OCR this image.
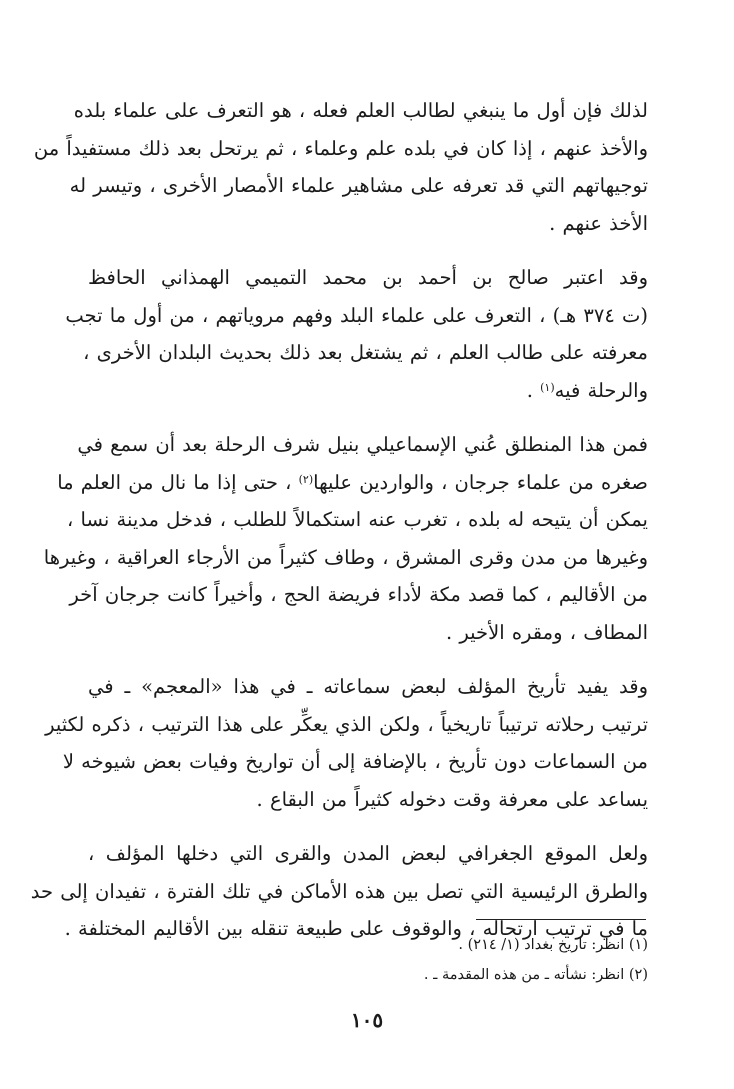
لذلك فإن أول ما ينبغي لطالب العلم فعله ، هو التعرف على علماء بلده
والأخذ عنهم ، إذا كان في بلده علم وعلماء ، ثم يرتحل بعد ذلك مستفيداً من
توجيهاتهم التي قد تعرفه على مشاهير علماء الأمصار الأخرى ، وتيسر له
الأخذ عنهم .

وقد اعتبر صالح بن أحمد بن محمد التميمي الهمذاني الحافظ
(ت ٣٧٤ هـ) ، التعرف على علماء البلد وفهم مروياتهم ، من أول ما تجب
معرفته على طالب العلم ، ثم يشتغل بعد ذلك بحديث البلدان الأخرى ،
والرحلة فيه$^{(١)}$ .

فمن هذا المنطلق عُني الإسماعيلي بنيل شرف الرحلة بعد أن سمع في
صغره من علماء جرجان ، والواردين عليها$^{(٢)}$ ، حتى إذا ما نال من العلم ما
يمكن أن يتيحه له بلده ، تغرب عنه استكمالاً للطلب ، فدخل مدينة نسا ،
وغيرها من مدن وقرى المشرق ، وطاف كثيراً من الأرجاء العراقية ، وغيرها
من الأقاليم ، كما قصد مكة لأداء فريضة الحج ، وأخيراً كانت جرجان آخر
المطاف ، ومقره الأخير .

وقد يفيد تأريخ المؤلف لبعض سماعاته ـ في هذا «المعجم» ـ في
ترتيب رحلاته ترتيباً تاريخياً ، ولكن الذي يعكِّر على هذا الترتيب ، ذكره لكثير
من السماعات دون تأريخ ، بالإضافة إلى أن تواريخ وفيات بعض شيوخه لا
يساعد على معرفة وقت دخوله كثيراً من البقاع .

ولعل الموقع الجغرافي لبعض المدن والقرى التي دخلها المؤلف ،
والطرق الرئيسية التي تصل بين هذه الأماكن في تلك الفترة ، تفيدان إلى حد
ما في ترتيب ارتحاله ، والوقوف على طبيعة تنقله بين الأقاليم المختلفة .

(١) انظر: تاريخ بغداد (١/ ٢١٤) .
(٢) انظر: نشأته ـ من هذه المقدمة ـ .
١٠٥
